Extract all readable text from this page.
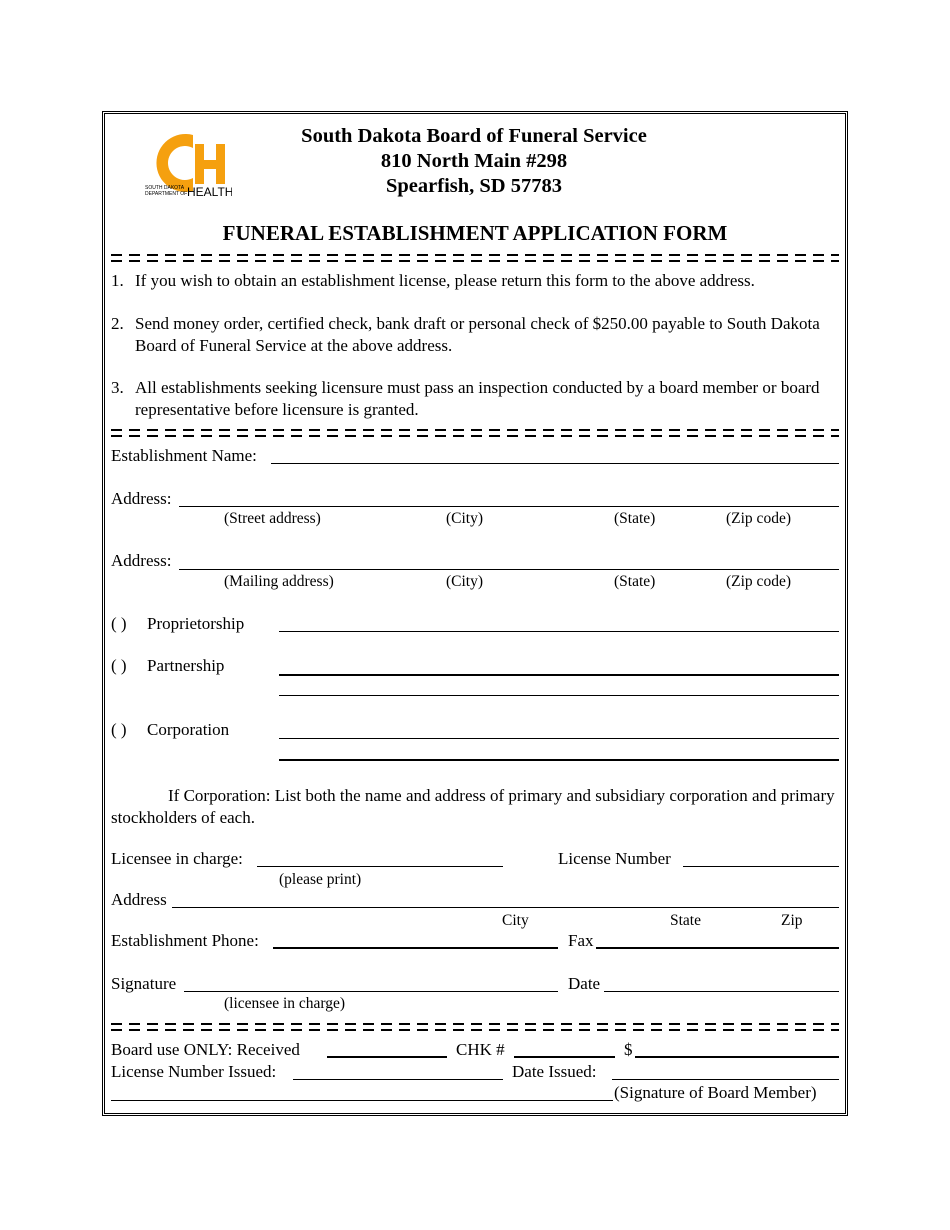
SOUTH DAKOTA
DEPARTMENT OF HEALTH
South Dakota Board of Funeral Service
810 North Main #298
Spearfish, SD 57783
FUNERAL ESTABLISHMENT APPLICATION FORM
1. If you wish to obtain an establishment license, please return this form to the above address.
2. Send money order, certified check, bank draft or personal check of $250.00 payable to South Dakota Board of Funeral Service at the above address.
3. All establishments seeking licensure must pass an inspection conducted by a board member or board representative before licensure is granted.
Establishment Name:
Address:
(Street address)	(City)	(State)	(Zip code)
Address:
(Mailing address)	(City)	(State)	(Zip code)
( ) Proprietorship
( ) Partnership
( ) Corporation
If Corporation: List both the name and address of primary and subsidiary corporation and primary stockholders of each.
Licensee in charge:
(please print)
License Number
Address
City	State	Zip
Establishment Phone:	Fax
Signature
(licensee in charge)
Date
Board use ONLY: Received	CHK #	$
License Number Issued:	Date Issued:
(Signature of Board Member)
